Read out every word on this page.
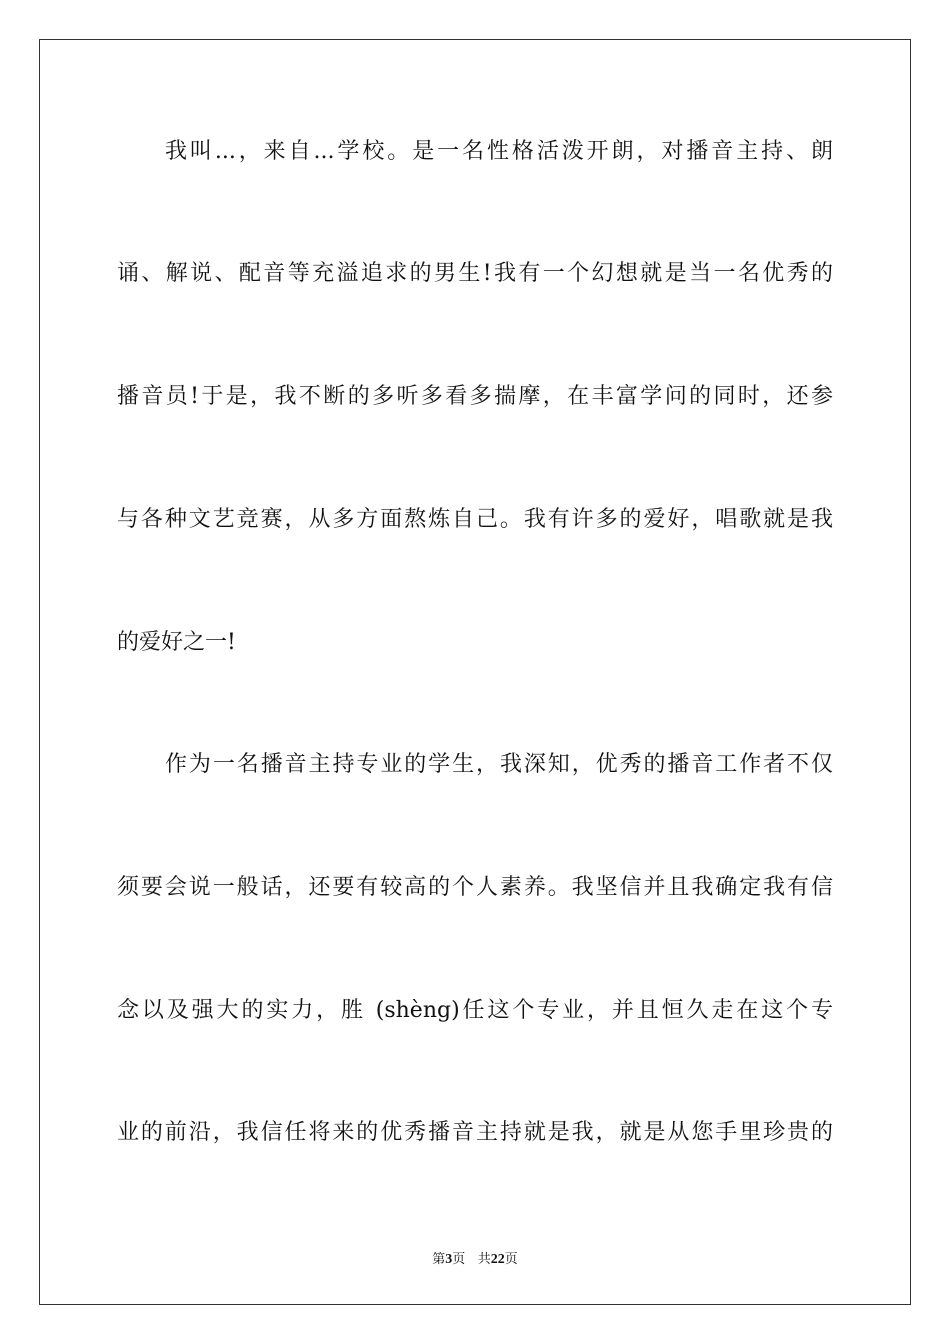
我叫...，来自...学校。是一名性格活泼开朗，对播音主持、朗
诵、解说、配音等充溢追求的男生!我有一个幻想就是当一名优秀的
播音员!于是，我不断的多听多看多揣摩，在丰富学问的同时，还参
与各种文艺竞赛，从多方面熬炼自己。我有许多的爱好，唱歌就是我
的爱好之一!
作为一名播音主持专业的学生，我深知，优秀的播音工作者不仅
须要会说一般话，还要有较高的个人素养。我坚信并且我确定我有信
念以及强大的实力，胜 (shèng)任这个专业，并且恒久走在这个专
业的前沿，我信任将来的优秀播音主持就是我，就是从您手里珍贵的
第3页 共22页
